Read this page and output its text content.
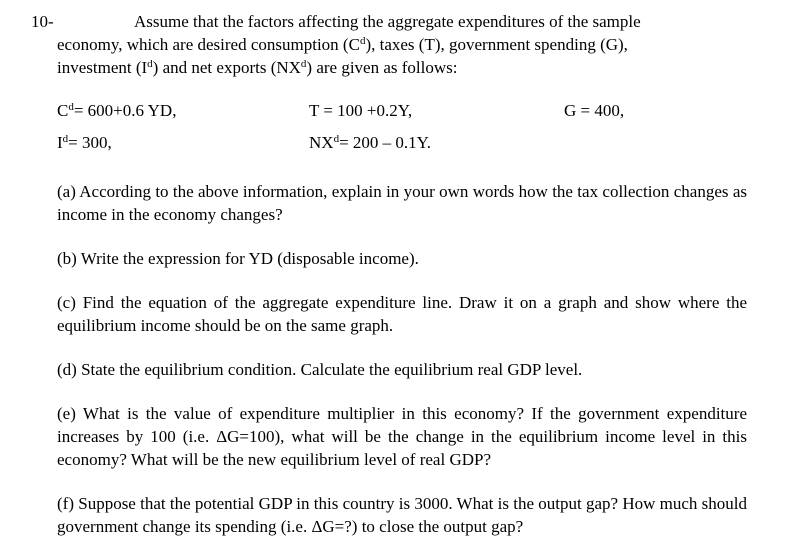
10-	Assume that the factors affecting the aggregate expenditures of the sample
economy, which are desired consumption $(C^d)$, taxes (T), government spending (G),
investment $(I^d)$ and net exports $(NX^d)$ are given as follows:
$C^d= 600+0.6$ YD,	T = 100 +0.2Y,	G = 400,
$I^d= 300$,	$NX^d= 200 - 0.1Y$.
(a) According to the above information, explain in your own words how the tax collection changes as income in the economy changes?
(b) Write the expression for YD (disposable income).
(c) Find the equation of the aggregate expenditure line. Draw it on a graph and show where the equilibrium income should be on the same graph.
(d) State the equilibrium condition. Calculate the equilibrium real GDP level.
(e) What is the value of expenditure multiplier in this economy? If the government expenditure increases by 100 (i.e. ΔG=100), what will be the change in the equilibrium income level in this economy? What will be the new equilibrium level of real GDP?
(f) Suppose that the potential GDP in this country is 3000. What is the output gap? How much should government change its spending (i.e. ΔG=?) to close the output gap?
